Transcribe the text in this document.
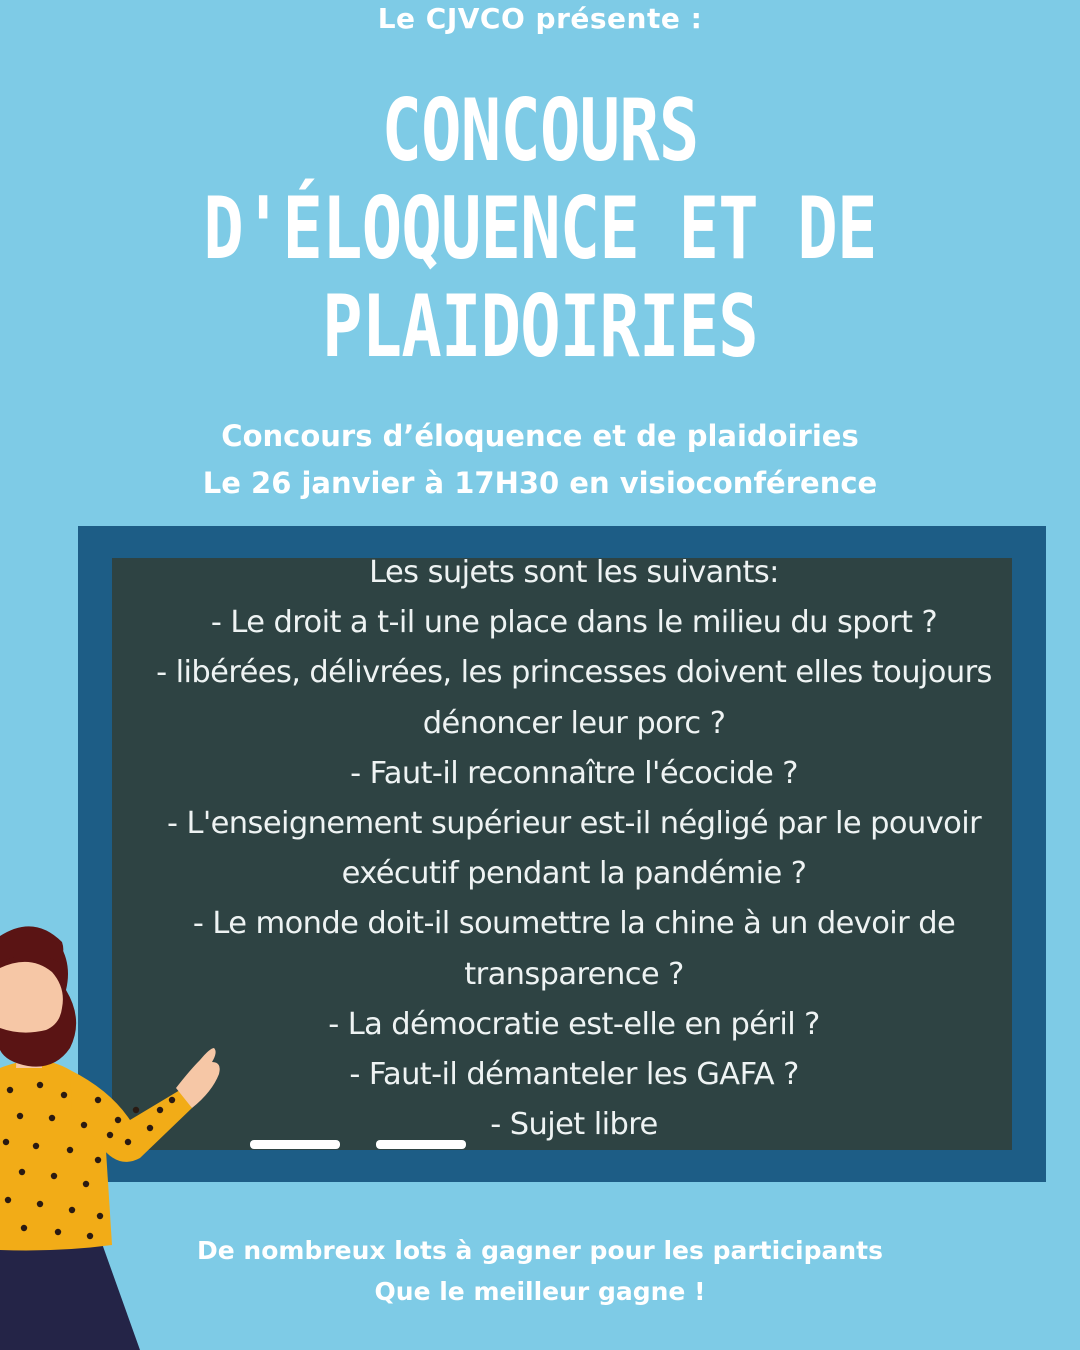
Le CJVCO présente :
CONCOURS
D'ÉLOQUENCE ET DE
PLAIDOIRIES
Concours d’éloquence et de plaidoiries
Le 26 janvier à 17H30 en visioconférence
Les sujets sont les suivants:
- Le droit a t-il une place dans le milieu du sport ?
- libérées, délivrées, les princesses doivent elles toujours
dénoncer leur porc ?
- Faut-il reconnaître l'écocide ?
- L'enseignement supérieur est-il négligé par le pouvoir
exécutif pendant la pandémie ?
- Le monde doit-il soumettre la chine à un devoir de
transparence ?
- La démocratie est-elle en péril ?
- Faut-il démanteler les GAFA ?
- Sujet libre
De nombreux lots à gagner pour les participants
Que le meilleur gagne !
